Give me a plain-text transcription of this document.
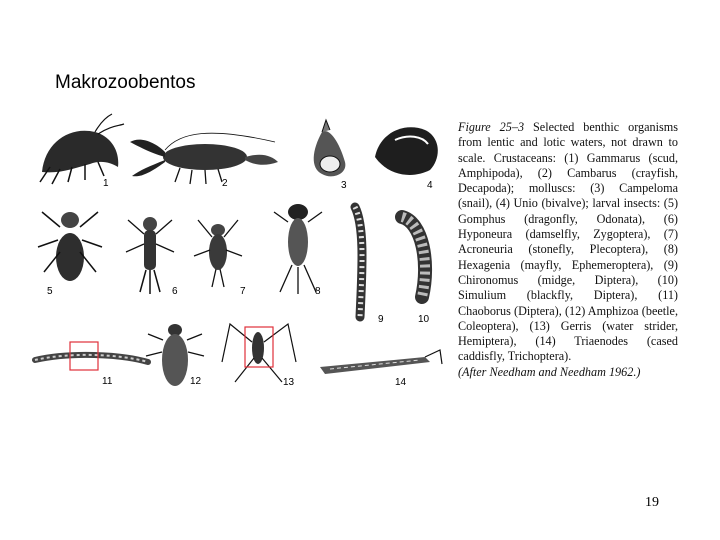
Makrozoobentos
1	2	3	4
5	6	7	8
9	10
11	12	13	14
Figure 25–3 Selected benthic organisms from lentic and lotic waters, not drawn to scale. Crustaceans: (1) Gammarus (scud, Amphipoda), (2) Cambarus (crayfish, Decapoda); molluscs: (3) Campeloma (snail), (4) Unio (bivalve); larval insects: (5) Gomphus (dragonfly, Odonata), (6) Hyponeura (damselfly, Zygoptera), (7) Acroneuria (stonefly, Plecoptera), (8) Hexagenia (mayfly, Ephemeroptera), (9) Chironomus (midge, Diptera), (10) Simulium (blackfly, Diptera), (11) Chaoborus (Diptera), (12) Amphizoa (beetle, Coleoptera), (13) Gerris (water strider, Hemiptera), (14) Triaenodes (cased caddisfly, Trichoptera).
(After Needham and Needham 1962.)
19
